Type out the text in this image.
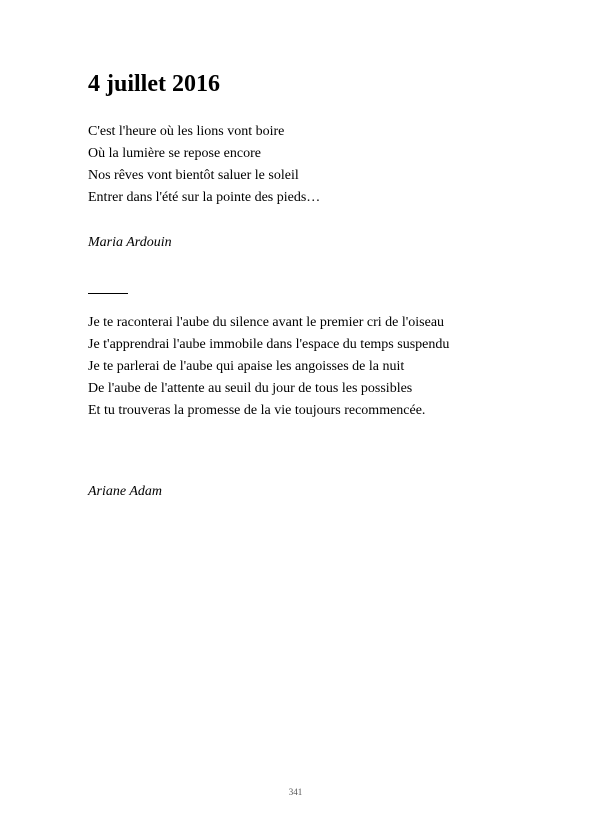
4 juillet 2016

C'est l'heure où les lions vont boire
Où la lumière se repose encore
Nos rêves vont bientôt saluer le soleil
Entrer dans l'été sur la pointe des pieds…

Maria Ardouin

Je te raconterai l'aube du silence avant le premier cri de l'oiseau
Je t'apprendrai l'aube immobile dans l'espace du temps suspendu
Je te parlerai de l'aube qui apaise les angoisses de la nuit
De l'aube de l'attente au seuil du jour de tous les possibles
Et tu trouveras la promesse de la vie toujours recommencée.

Ariane Adam

341
